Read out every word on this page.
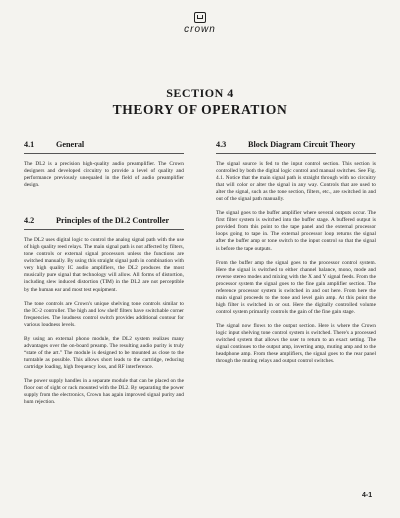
crown
SECTION 4
THEORY OF OPERATION
4.1	General

The DL2 is a precision high-quality audio preamplifier. The Crown designers and developed circuitry to provide a level of quality and performance previously unequaled in the field of audio preamplifier design.

4.2	Principles of the DL2 Controller

The DL2 uses digital logic to control the analog signal path with the use of high quality reed relays. The main signal path is not affected by filters, tone controls or external signal processors unless the functions are switched manually. By using this straight signal path in combination with very high quality IC audio amplifiers, the DL2 produces the most musically pure signal that technology will allow. All forms of distortion, including slew induced distortion (TIM) in the DL2 are not perceptible by the human ear and most test equipment.

The tone controls are Crown's unique shelving tone controls similar to the IC-2 controller. The high and low shelf filters have switchable corner frequencies. The loudness control switch provides additional contour for various loudness levels.

By using an external phono module, the DL2 system realizes many advantages over the on-board preamp. The resulting audio purity is truly “state of the art.” The module is designed to be mounted as close to the turntable as possible. This allows short leads to the cartridge, reducing cartridge loading, high frequency loss, and RF interference.

The power supply handles in a separate module that can be placed on the floor out of sight or rack mounted with the DL2. By separating the power supply from the electronics, Crown has again improved signal purity and hum rejection.

4.3	Block Diagram Circuit Theory

The signal source is fed to the input control section. This section is controlled by both the digital logic control and manual switches. See Fig. 4.1. Notice that the main signal path is straight through with no circuitry that will color or alter the signal in any way. Controls that are used to alter the signal, such as the tone section, filters, etc., are switched in and out of the signal path manually.

The signal goes to the buffer amplifier where several outputs occur. The first filter system is switched into the buffer stage. A buffered output is provided from this point to the tape panel and the external processor loops going to tape in. The external processor loop returns the signal after the buffer amp or tone switch to the input control so that the signal is before the tape outputs.

From the buffer amp the signal goes to the processor control system. Here the signal is switched to either channel balance, mono, mode and reverse stereo modes and mixing with the X and Y signal feeds. From the processor system the signal goes to the fine gain amplifier section. The reference processor system is switched in and out here. From here the main signal proceeds to the tone and level gain amp. At this point the high filter is switched in or out. Here the digitally controlled volume control system primarily controls the gain of the fine gain stage.

The signal now flows to the output section. Here is where the Crown logic input shelving tone control system is switched. There's a processed switched system that allows the user to return to an exact setting. The signal continues to the output amp, inverting amp, muting amp and to the headphone amp. From these amplifiers, the signal goes to the rear panel through the muting relays and output control switches.

4-1
